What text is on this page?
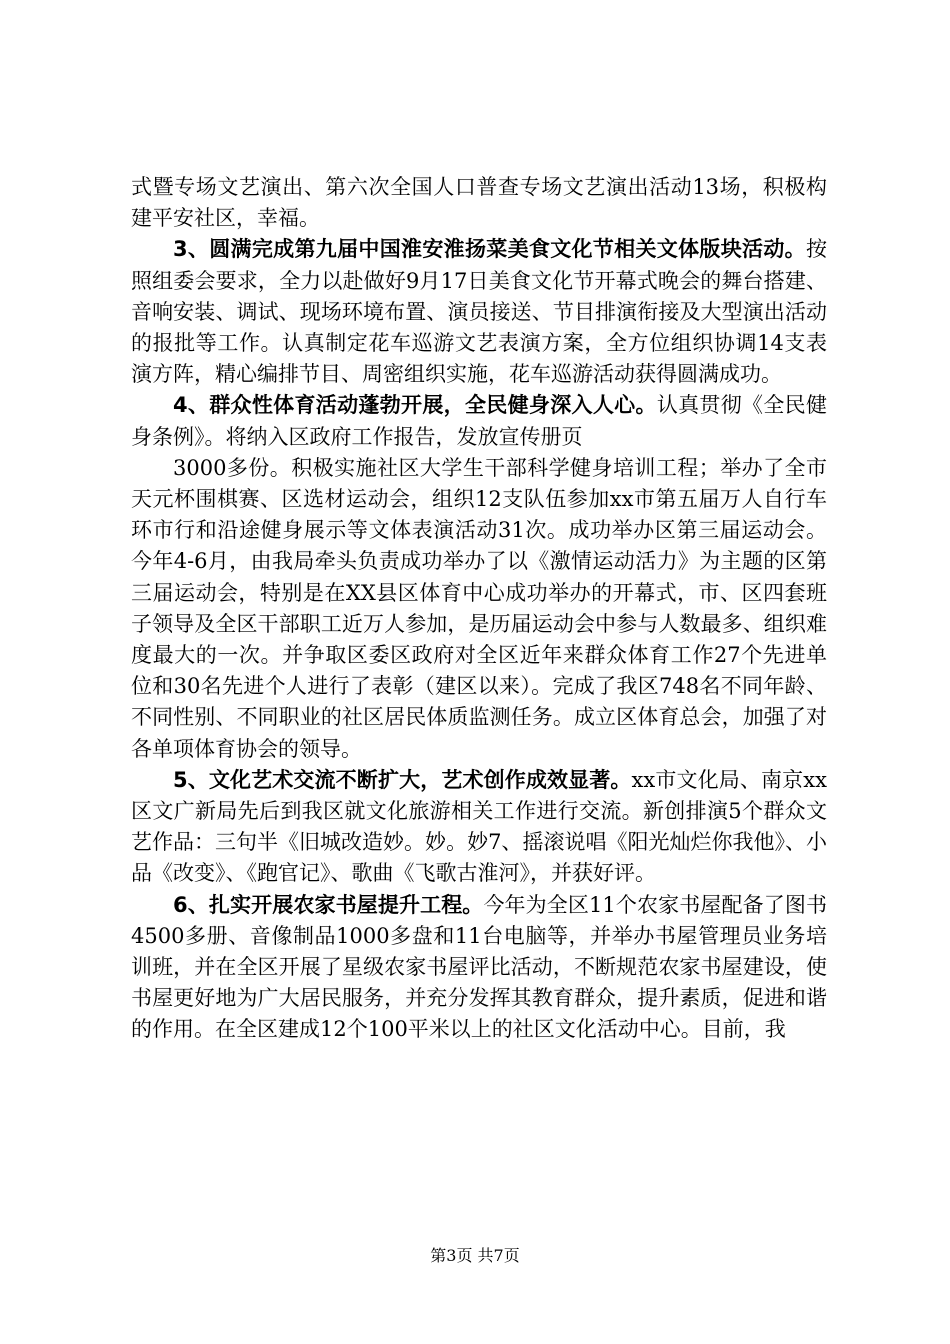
式暨专场文艺演出、第六次全国人口普查专场文艺演出活动13场，积极构建平安社区，幸福。

3、圆满完成第九届中国淮安淮扬菜美食文化节相关文体版块活动。按照组委会要求，全力以赴做好9月17日美食文化节开幕式晚会的舞台搭建、音响安装、调试、现场环境布置、演员接送、节目排演衔接及大型演出活动的报批等工作。认真制定花车巡游文艺表演方案，全方位组织协调14支表演方阵，精心编排节目、周密组织实施，花车巡游活动获得圆满成功。

4、群众性体育活动蓬勃开展，全民健身深入人心。认真贯彻《全民健身条例》。将纳入区政府工作报告，发放宣传册页

3000多份。积极实施社区大学生干部科学健身培训工程；举办了全市天元杯围棋赛、区选材运动会，组织12支队伍参加xx市第五届万人自行车环市行和沿途健身展示等文体表演活动31次。成功举办区第三届运动会。今年4-6月，由我局牵头负责成功举办了以《激情运动活力》为主题的区第三届运动会，特别是在XX县区体育中心成功举办的开幕式，市、区四套班子领导及全区干部职工近万人参加，是历届运动会中参与人数最多、组织难度最大的一次。并争取区委区政府对全区近年来群众体育工作27个先进单位和30名先进个人进行了表彰（建区以来）。完成了我区748名不同年龄、不同性别、不同职业的社区居民体质监测任务。成立区体育总会，加强了对各单项体育协会的领导。

5、文化艺术交流不断扩大，艺术创作成效显著。xx市文化局、南京xx区文广新局先后到我区就文化旅游相关工作进行交流。新创排演5个群众文艺作品：三句半《旧城改造妙。妙。妙7、摇滚说唱《阳光灿烂你我他》、小品《改变》、《跑官记》、歌曲《飞歌古淮河》，并获好评。

6、扎实开展农家书屋提升工程。今年为全区11个农家书屋配备了图书4500多册、音像制品1000多盘和11台电脑等，并举办书屋管理员业务培训班，并在全区开展了星级农家书屋评比活动，不断规范农家书屋建设，使书屋更好地为广大居民服务，并充分发挥其教育群众，提升素质，促进和谐的作用。在全区建成12个100平米以上的社区文化活动中心。目前，我

第3页 共7页
